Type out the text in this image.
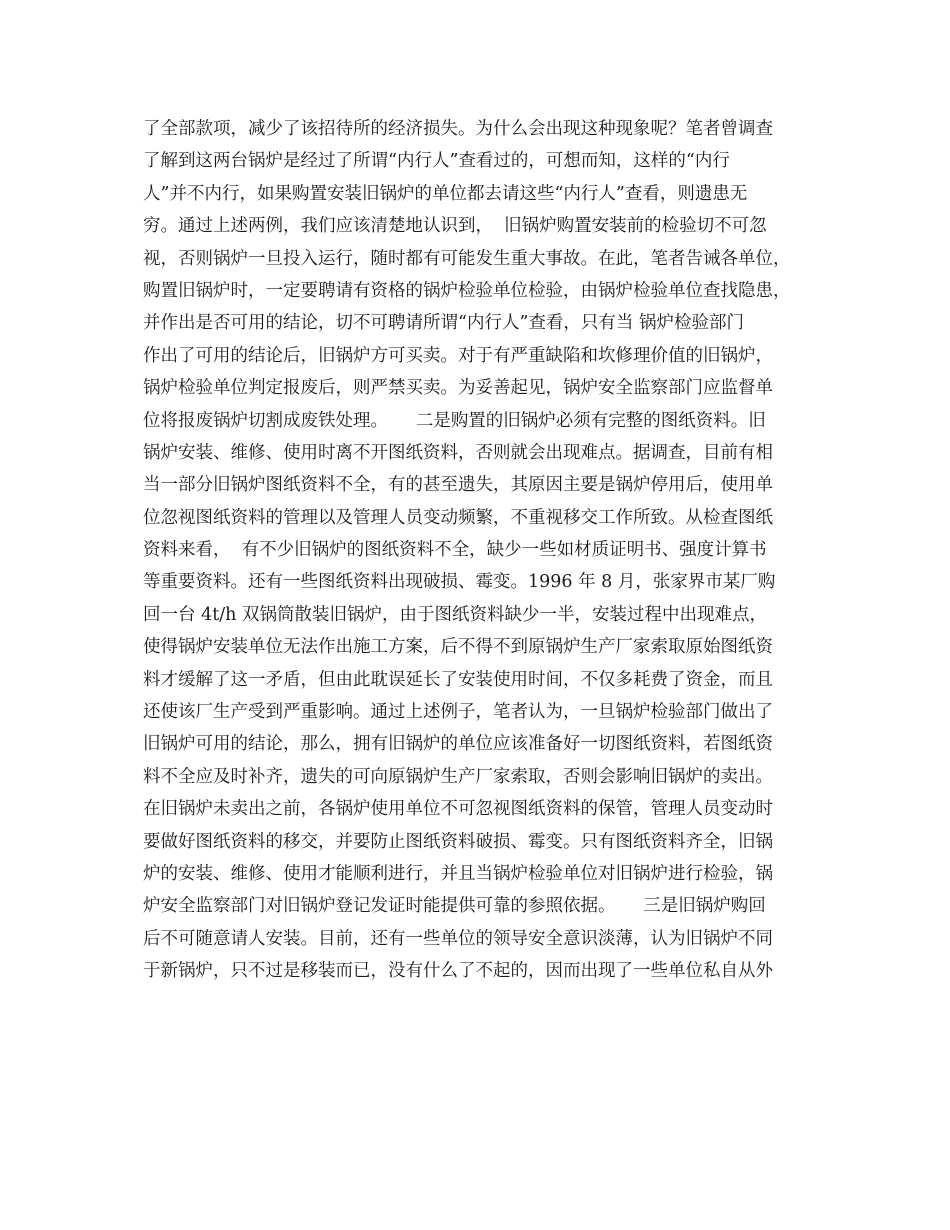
了全部款项，减少了该招待所的经济损失。为什么会出现这种现象呢？笔者曾调查
了解到这两台锅炉是经过了所谓“内行人”查看过的，可想而知，这样的“内行
人”并不内行，如果购置安装旧锅炉的单位都去请这些“内行人”查看，则遗患无
穷。通过上述两例，我们应该清楚地认识到，  旧锅炉购置安装前的检验切不可忽
视，否则锅炉一旦投入运行，随时都有可能发生重大事故。在此，笔者告诫各单位，
购置旧锅炉时，一定要聘请有资格的锅炉检验单位检验，由锅炉检验单位查找隐患，
并作出是否可用的结论，切不可聘请所谓“内行人”查看，只有当 锅炉检验部门
作出了可用的结论后，旧锅炉方可买卖。对于有严重缺陷和坎修理价值的旧锅炉，
锅炉检验单位判定报废后，则严禁买卖。为妥善起见，锅炉安全监察部门应监督单
位将报废锅炉切割成废铁处理。     二是购置的旧锅炉必须有完整的图纸资料。旧
锅炉安装、维修、使用时离不开图纸资料，否则就会出现难点。据调查，目前有相
当一部分旧锅炉图纸资料不全，有的甚至遗失，其原因主要是锅炉停用后，使用单
位忽视图纸资料的管理以及管理人员变动频繁，不重视移交工作所致。从检查图纸
资料来看，  有不少旧锅炉的图纸资料不全，缺少一些如材质证明书、强度计算书
等重要资料。还有一些图纸资料出现破损、霉变。1996 年 8 月，张家界市某厂购
回一台 4t/h 双锅筒散装旧锅炉，由于图纸资料缺少一半，安装过程中出现难点，
使得锅炉安装单位无法作出施工方案，后不得不到原锅炉生产厂家索取原始图纸资
料才缓解了这一矛盾，但由此耽误延长了安装使用时间，不仅多耗费了资金，而且
还使该厂生产受到严重影响。通过上述例子，笔者认为，一旦锅炉检验部门做出了
旧锅炉可用的结论，那么，拥有旧锅炉的单位应该准备好一切图纸资料，若图纸资
料不全应及时补齐，遗失的可向原锅炉生产厂家索取，否则会影响旧锅炉的卖出。
在旧锅炉未卖出之前，各锅炉使用单位不可忽视图纸资料的保管，管理人员变动时
要做好图纸资料的移交，并要防止图纸资料破损、霉变。只有图纸资料齐全，旧锅
炉的安装、维修、使用才能顺利进行，并且当锅炉检验单位对旧锅炉进行检验，锅
炉安全监察部门对旧锅炉登记发证时能提供可靠的参照依据。     三是旧锅炉购回
后不可随意请人安装。目前，还有一些单位的领导安全意识淡薄，认为旧锅炉不同
于新锅炉，只不过是移装而已，没有什么了不起的，因而出现了一些单位私自从外
